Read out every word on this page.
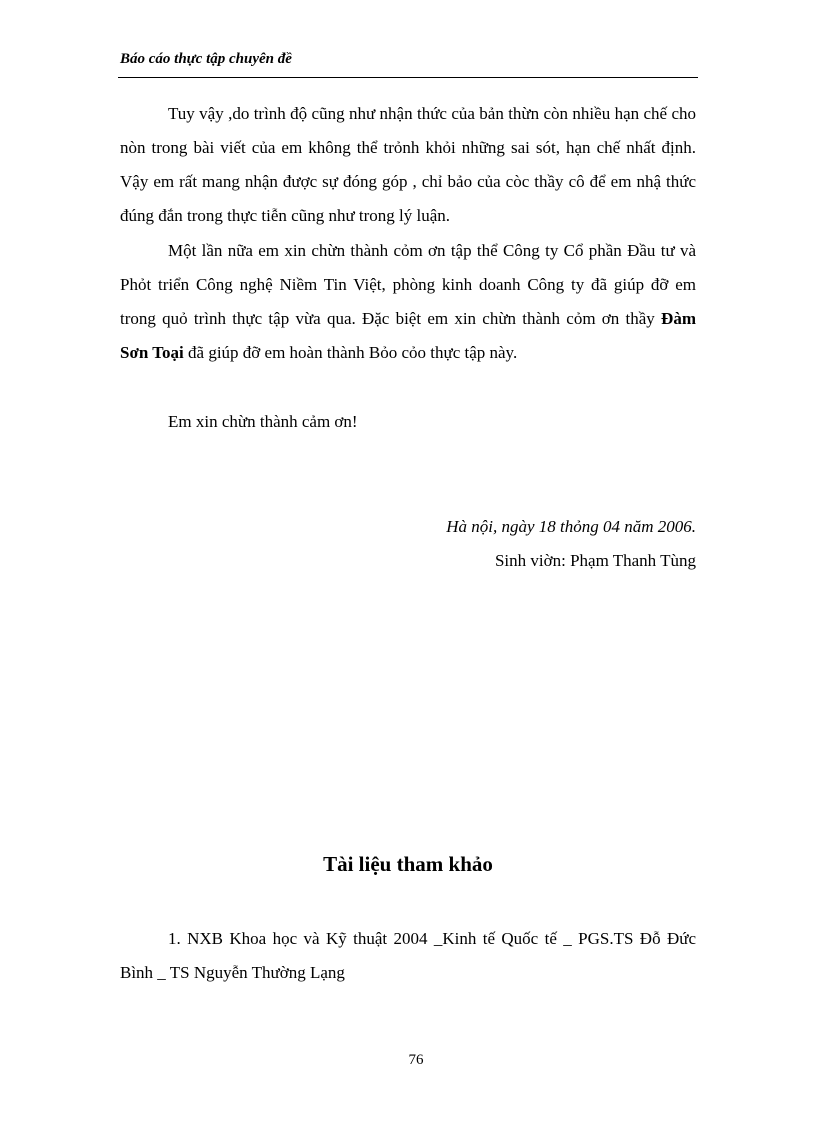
Báo cáo thực tập chuyên đề

Tuy vậy ,do trình độ cũng như nhận thức của bản thừn còn nhiều hạn chế cho nòn trong bài viết của em không thể trỏnh khỏi những sai sót, hạn chế nhất định. Vậy em rất mang nhận được sự đóng góp , chỉ bảo của còc thầy cô để em nhậ thức đúng đắn trong thực tiễn cũng như trong lý luận.

Một lần nữa em xin chừn thành cỏm ơn tập thể Công ty Cổ phần Đầu tư và Phỏt triển Công nghệ Niềm Tin Việt, phòng kinh doanh Công ty đã giúp đỡ em trong quỏ trình thực tập vừa qua. Đặc biệt em xin chừn thành cỏm ơn thầy Đàm Sơn Toại đã giúp đỡ em hoàn thành Bỏo cỏo thực tập này.

Em xin chừn thành cảm ơn!

Hà nội, ngày 18 thỏng 04 năm 2006.
Sinh viờn: Phạm Thanh Tùng
Tài liệu tham khảo

1. NXB Khoa học và Kỹ thuật 2004 _Kinh tế Quốc tế _ PGS.TS Đỗ Đức Bình _ TS Nguyễn Thường Lạng

76
